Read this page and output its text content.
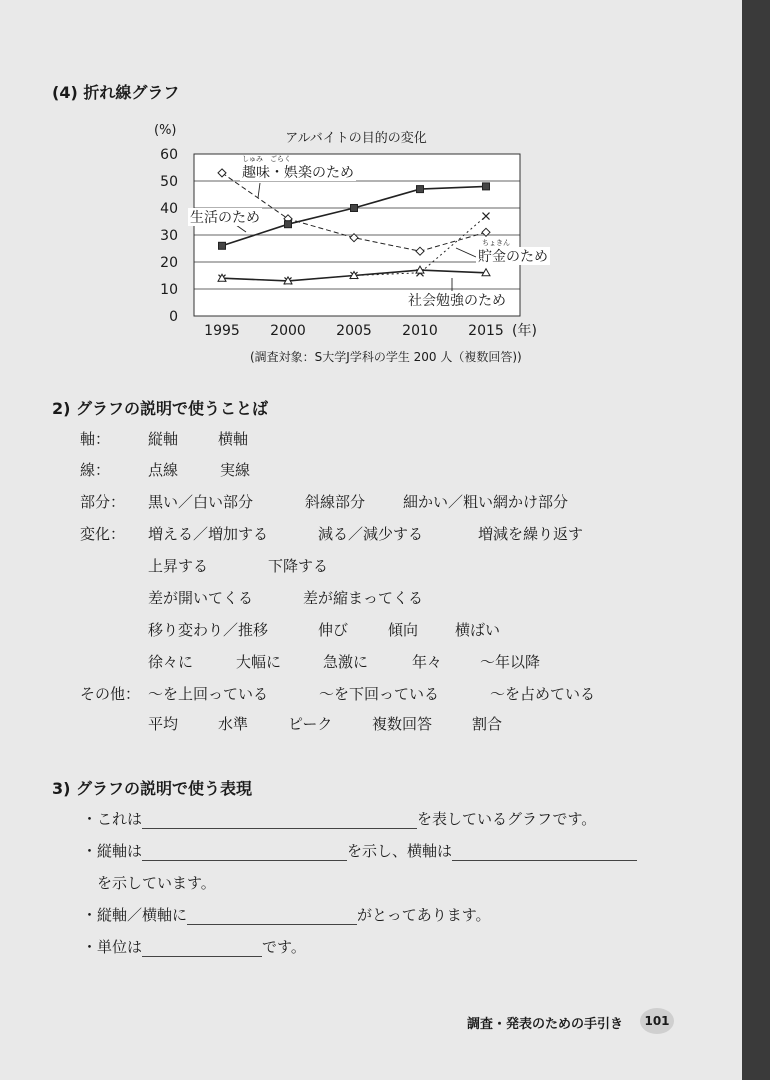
(4) 折れ線グラフ
0
10
20
30
40
50
60
1995 2000 2005 2010 2015 (年)
(%)
アルバイトの目的の変化
趣味・娯楽のため
生活のため
貯金のため
社会勉強のため
しゅみ　ごらく
ちょきん
(調査対象：S大学J学科の学生 200 人（複数回答))
2) グラフの説明で使うことば
軸：	縦軸	横軸
線：	点線	実線
部分： 黒い／白い部分	斜線部分	細かい／粗い網かけ部分
変化： 増える／増加する	減る／減少する	増減を繰り返す
上昇する	下降する
差が開いてくる	差が縮まってくる
移り変わり／推移	伸び	傾向 横ばい
徐々に	大幅に	急激に	年々	～年以降
その他： ～を上回っている	～を下回っている	～を占めている
平均	水準	ピーク	複数回答	割合
3) グラフの説明で使う表現
・これは	を表しているグラフです。
・縦軸は	を示し、横軸は
を示しています。
・縦軸／横軸に	がとってあります。
・単位は	です。
調査・発表のための手引き	101
